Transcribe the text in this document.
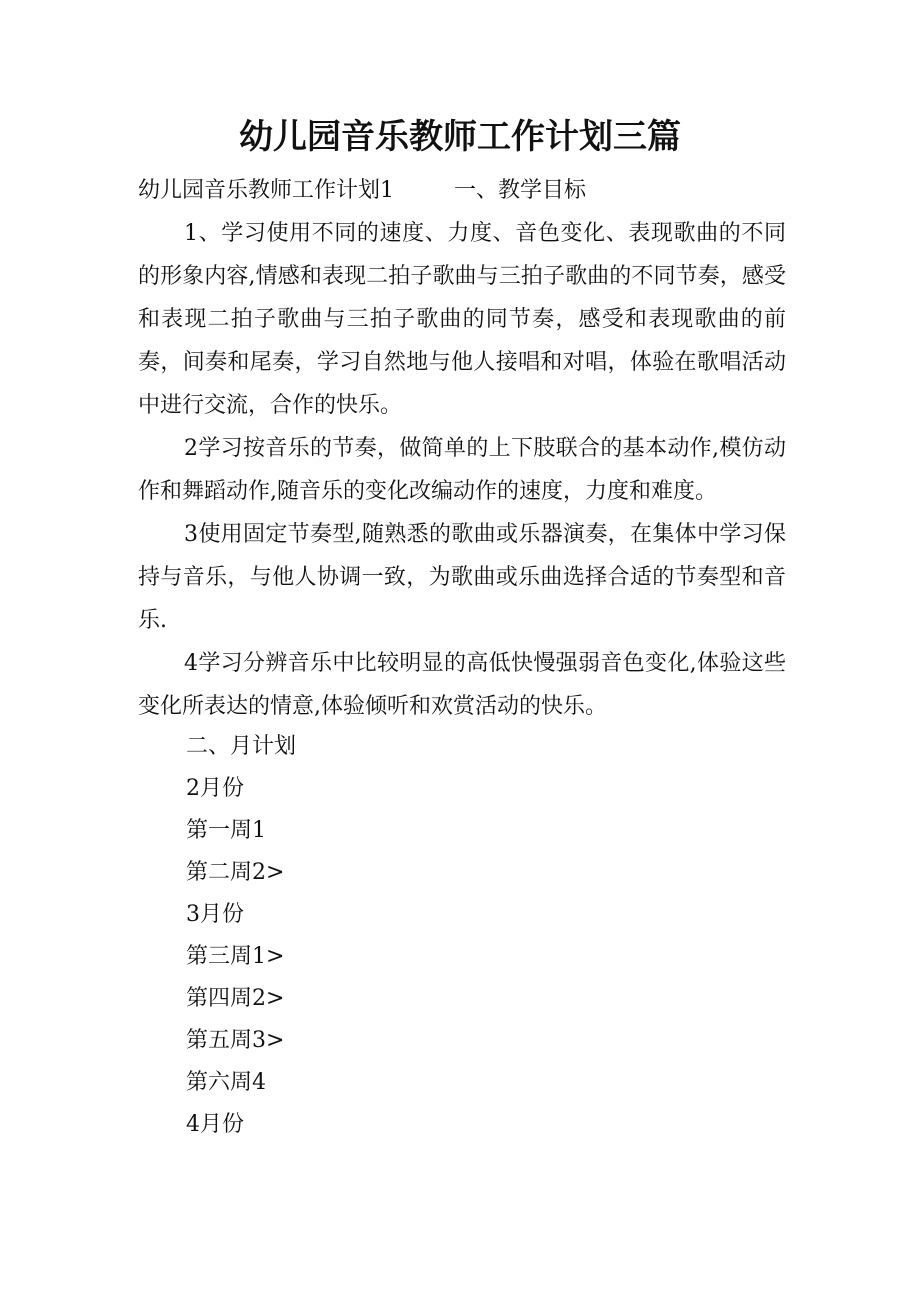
幼儿园音乐教师工作计划三篇
幼儿园音乐教师工作计划1	一、教学目标
1、学习使用不同的速度、力度、音色变化、表现歌曲的不同的形象内容,情感和表现二拍子歌曲与三拍子歌曲的不同节奏，感受和表现二拍子歌曲与三拍子歌曲的同节奏，感受和表现歌曲的前奏，间奏和尾奏，学习自然地与他人接唱和对唱，体验在歌唱活动中进行交流，合作的快乐。
2学习按音乐的节奏，做简单的上下肢联合的基本动作,模仿动作和舞蹈动作,随音乐的变化改编动作的速度，力度和难度。
3使用固定节奏型,随熟悉的歌曲或乐器演奏，在集体中学习保持与音乐，与他人协调一致，为歌曲或乐曲选择合适的节奏型和音乐.
4学习分辨音乐中比较明显的高低快慢强弱音色变化,体验这些变化所表达的情意,体验倾听和欢赏活动的快乐。
二、月计划
2月份
第一周1
第二周2>
3月份
第三周1>
第四周2>
第五周3>
第六周4
4月份
